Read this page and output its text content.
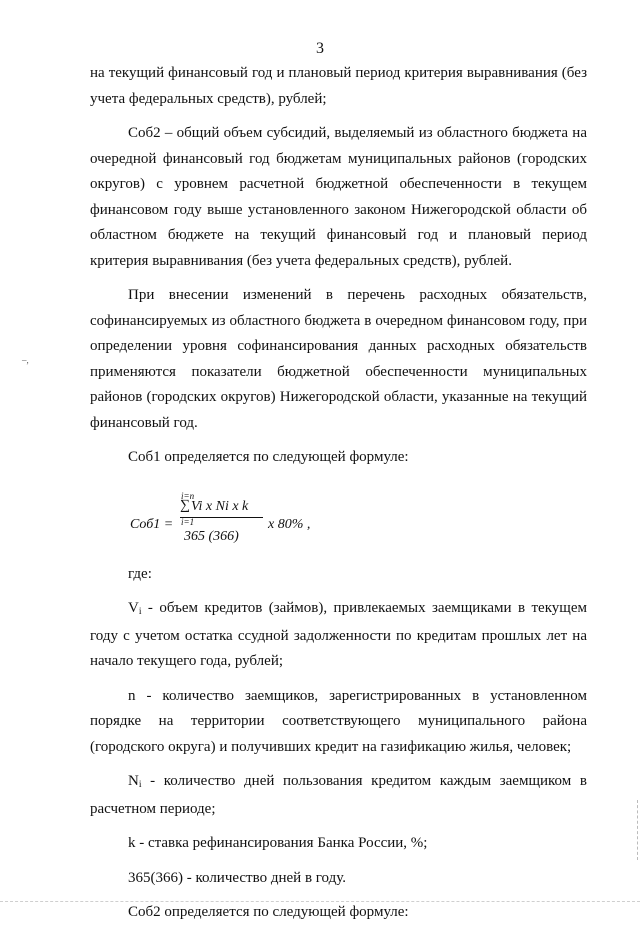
3
–,

на текущий финансовый год и плановый период критерия выравнивания (без учета федеральных средств), рублей;

Соб2 – общий объем субсидий, выделяемый из областного бюджета на очередной финансовый год бюджетам муниципальных районов (городских округов) с уровнем расчетной бюджетной обеспеченности в текущем финансовом году выше установленного законом Нижегородской области об областном бюджете на текущий финансовый год и плановый период критерия выравнивания (без учета федеральных средств), рублей.

При внесении изменений в перечень расходных обязательств, софинансируемых из областного бюджета в очередном финансовом году, при определении уровня софинансирования данных расходных обязательств применяются показатели бюджетной обеспеченности муниципальных районов (городских округов) Нижегородской области, указанные на текущий финансовый год.

Соб1 определяется по следующей формуле:

Соб1 =
i=n
∑ Vi x Ni x k
i=1
365 (366)
x 80% ,

где:

Vi - объем кредитов (займов), привлекаемых заемщиками в текущем году с учетом остатка ссудной задолженности по кредитам прошлых лет на начало текущего года, рублей;

n - количество заемщиков, зарегистрированных в установленном порядке на территории соответствующего муниципального района (городского округа) и получивших кредит на газификацию жилья, человек;

Ni - количество дней пользования кредитом каждым заемщиком в расчетном периоде;

k - ставка рефинансирования Банка России, %;

365(366) - количество дней в году.

Соб2 определяется по следующей формуле:
